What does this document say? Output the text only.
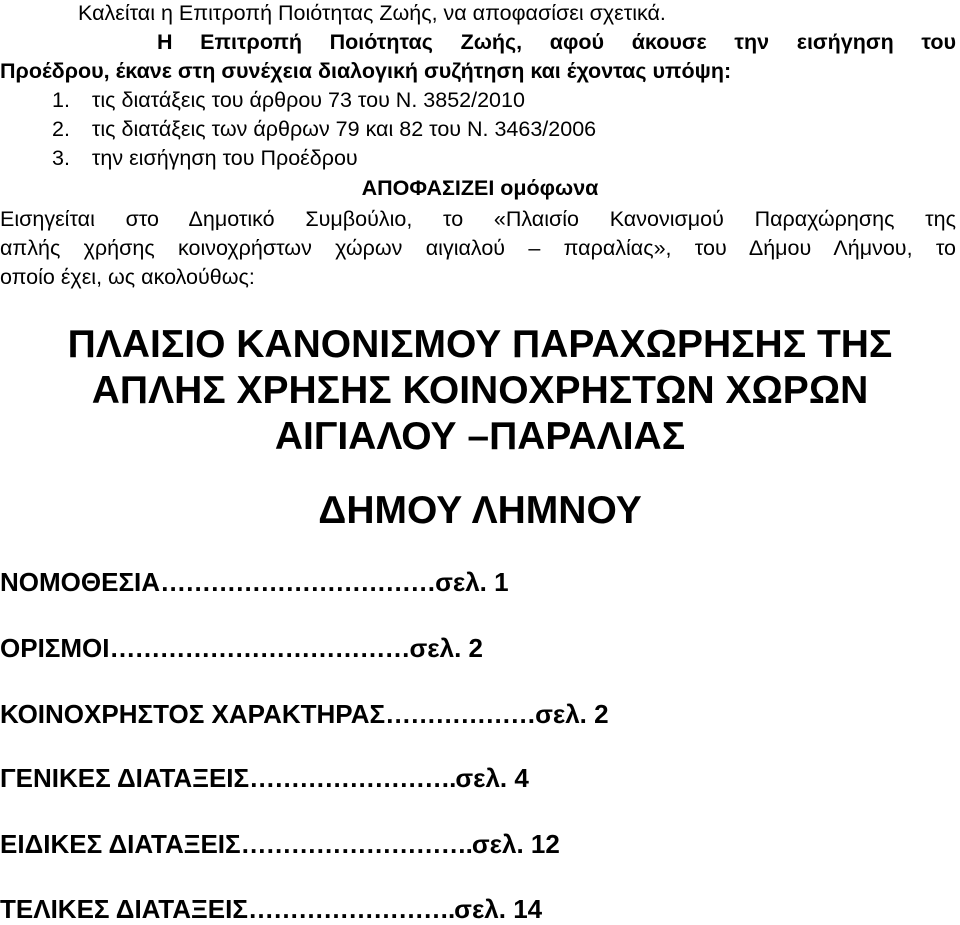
Καλείται η Επιτροπή Ποιότητας Ζωής, να αποφασίσει σχετικά.
Η Επιτροπή Ποιότητας Ζωής, αφού άκουσε την εισήγηση του
Προέδρου, έκανε στη συνέχεια διαλογική συζήτηση και έχοντας υπόψη:
1. τις διατάξεις του άρθρου 73 του Ν. 3852/2010
2. τις διατάξεις των άρθρων 79 και 82 του Ν. 3463/2006
3. την εισήγηση του Προέδρου
ΑΠΟΦΑΣΙΖΕΙ ομόφωνα
Εισηγείται στο Δημοτικό Συμβούλιο, το «Πλαισίο Κανονισμού Παραχώρησης της
απλής χρήσης κοινοχρήστων χώρων αιγιαλού – παραλίας», του Δήμου Λήμνου, το
οποίο έχει, ως ακολούθως:
ΠΛΑΙΣΙΟ ΚΑΝΟΝΙΣΜΟΥ ΠΑΡΑΧΩΡΗΣΗΣ ΤΗΣ
ΑΠΛΗΣ ΧΡΗΣΗΣ ΚΟΙΝΟΧΡΗΣΤΩΝ ΧΩΡΩΝ
ΑΙΓΙΑΛΟΥ –ΠΑΡΑΛΙΑΣ
ΔΗΜΟΥ ΛΗΜΝΟΥ
ΝΟΜΟΘΕΣΙΑ……………………………σελ. 1
ΟΡΙΣΜΟΙ………………………………σελ. 2
ΚΟΙΝΟΧΡΗΣΤΟΣ ΧΑΡΑΚΤΗΡΑΣ………………σελ. 2
ΓΕΝΙΚΕΣ ΔΙΑΤΑΞΕΙΣ…………………….σελ. 4
ΕΙΔΙΚΕΣ ΔΙΑΤΑΞΕΙΣ……………………….σελ. 12
ΤΕΛΙΚΕΣ ΔΙΑΤΑΞΕΙΣ…………………….σελ. 14
